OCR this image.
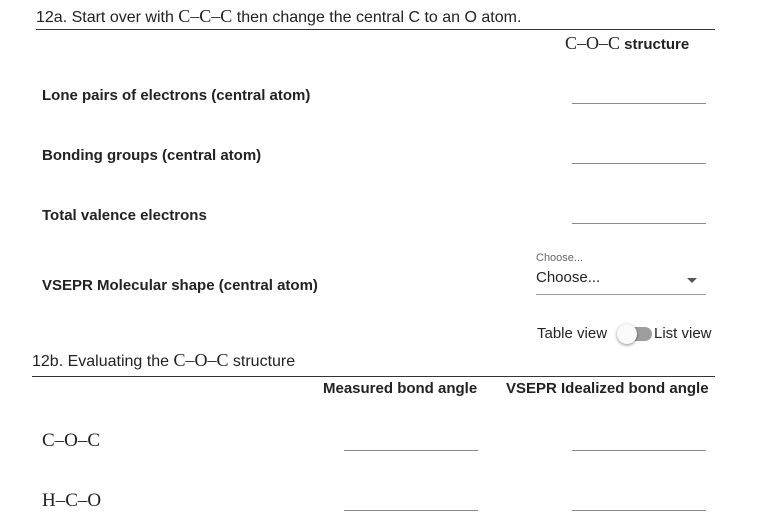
12a. Start over with C–C–C then change the central C to an O atom.
C–O–C structure
Lone pairs of electrons (central atom)
Bonding groups (central atom)
Total valence electrons
VSEPR Molecular shape (central atom)
Choose...
Choose...
Table view	List view
12b. Evaluating the C–O–C structure
Measured bond angle VSEPR Idealized bond angle
C–O–C
H–C–O
